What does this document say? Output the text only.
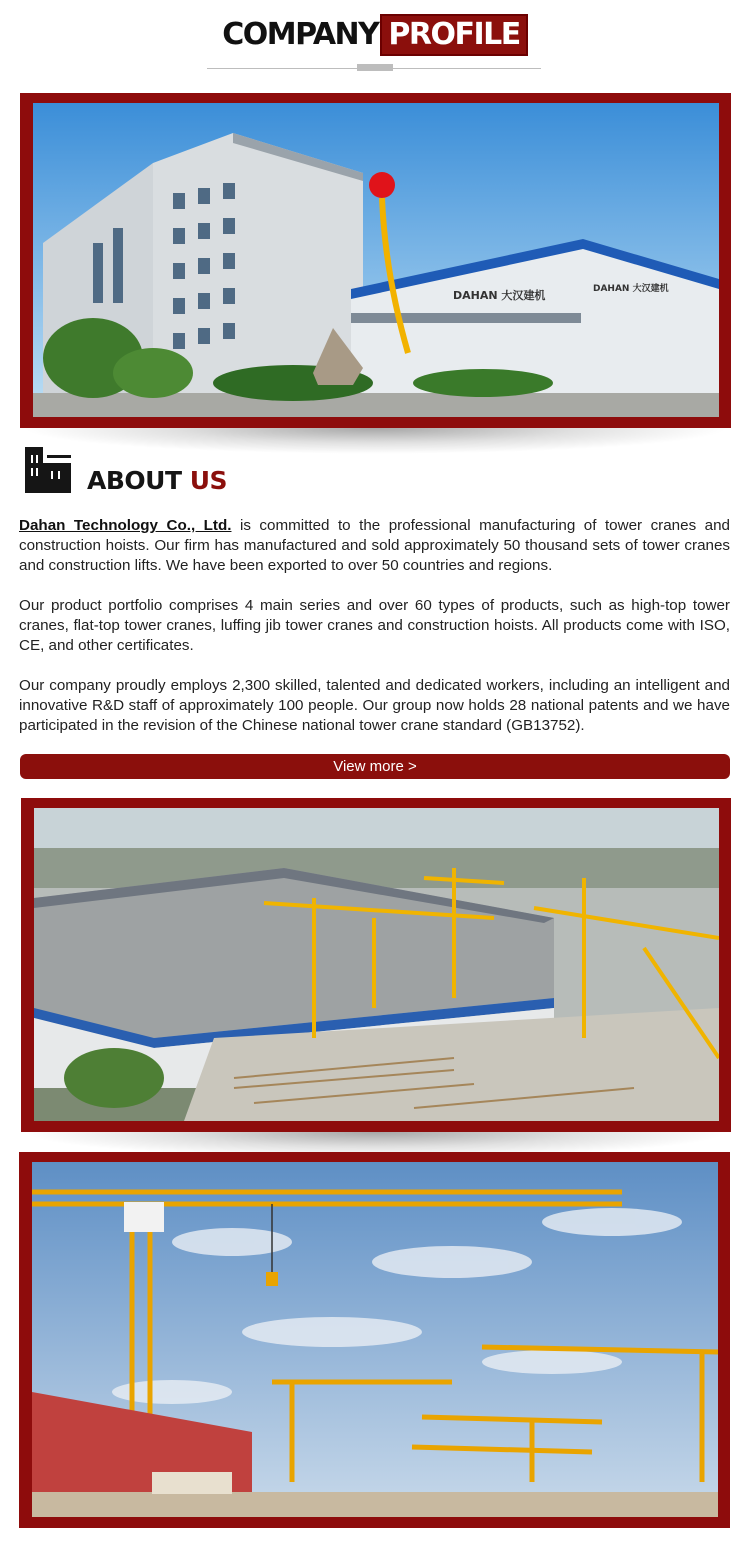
COMPANY PROFILE
DAHAN 大汉建机	DAHAN 大汉建机
ABOUT US

Dahan Technology Co., Ltd. is committed to the professional manufacturing of tower cranes and construction hoists. Our firm has manufactured and sold approximately 50 thousand sets of tower cranes and construction lifts. We have been exported to over 50 countries and regions.

Our product portfolio comprises 4 main series and over 60 types of products, such as high-top tower cranes, flat-top tower cranes, luffing jib tower cranes and construction hoists. All products come with ISO, CE, and other certificates.

Our company proudly employs 2,300 skilled, talented and dedicated workers, including an intelligent and innovative R&D staff of approximately 100 people. Our group now holds 28 national patents and we have participated in the revision of the Chinese national tower crane standard (GB13752).

View more >
